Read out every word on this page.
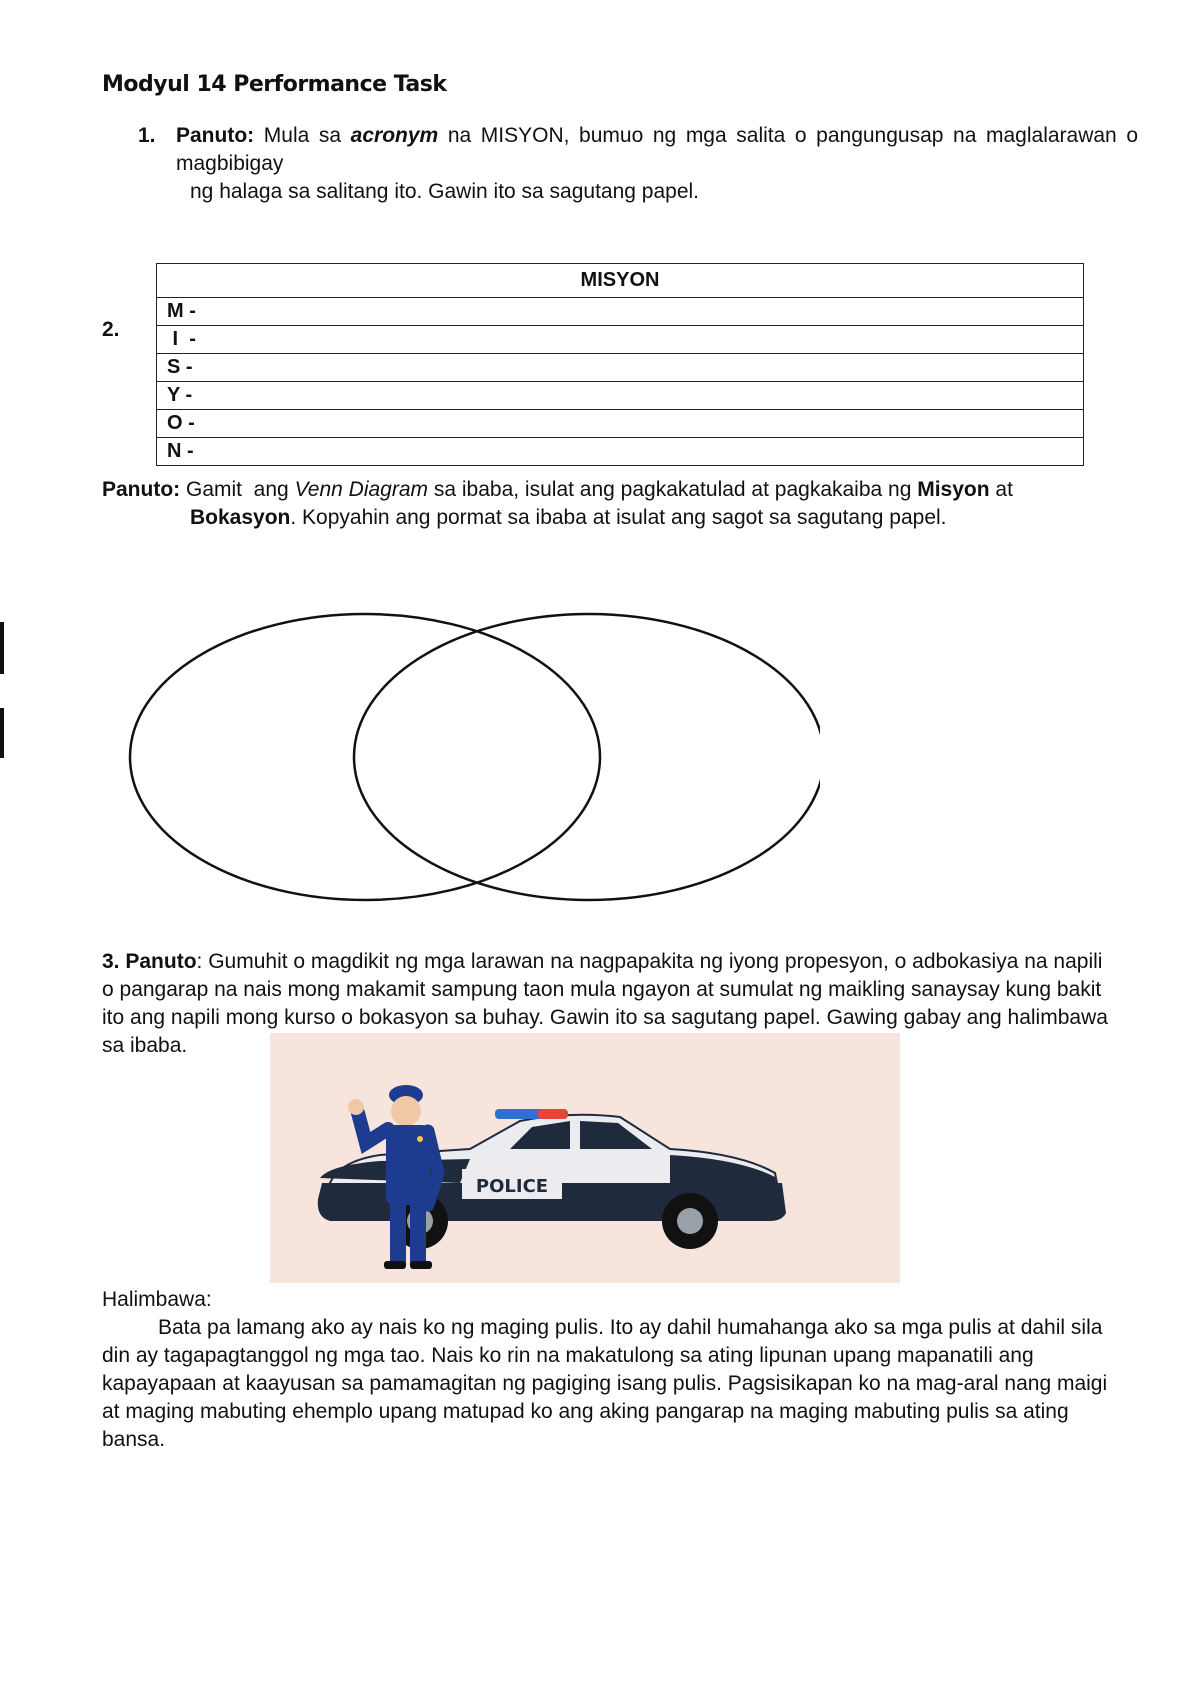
Modyul 14 Performance Task
1. Panuto: Mula sa acronym na MISYON, bumuo ng mga salita o pangungusap na maglalarawan o magbibigay
ng halaga sa salitang ito. Gawin ito sa sagutang papel.
2.
MISYON
M -
I  -
S -
Y -
O -
N -
Panuto: Gamit  ang Venn Diagram sa ibaba, isulat ang pagkakatulad at pagkakaiba ng Misyon at
Bokasyon. Kopyahin ang pormat sa ibaba at isulat ang sagot sa sagutang papel.
3. Panuto: Gumuhit o magdikit ng mga larawan na nagpapakita ng iyong propesyon, o adbokasiya na napili o pangarap na nais mong makamit sampung taon mula ngayon at sumulat ng maikling sanaysay kung bakit ito ang napili mong kurso o bokasyon sa buhay. Gawin ito sa sagutang papel. Gawing gabay ang halimbawa sa ibaba.
POLICE
Halimbawa:
Bata pa lamang ako ay nais ko ng maging pulis. Ito ay dahil humahanga ako sa mga pulis at dahil sila din ay tagapagtanggol ng mga tao. Nais ko rin na makatulong sa ating lipunan upang mapanatili ang kapayapaan at kaayusan sa pamamagitan ng pagiging isang pulis. Pagsisikapan ko na mag-aral nang maigi at maging mabuting ehemplo upang matupad ko ang aking pangarap na maging mabuting pulis sa ating bansa.
